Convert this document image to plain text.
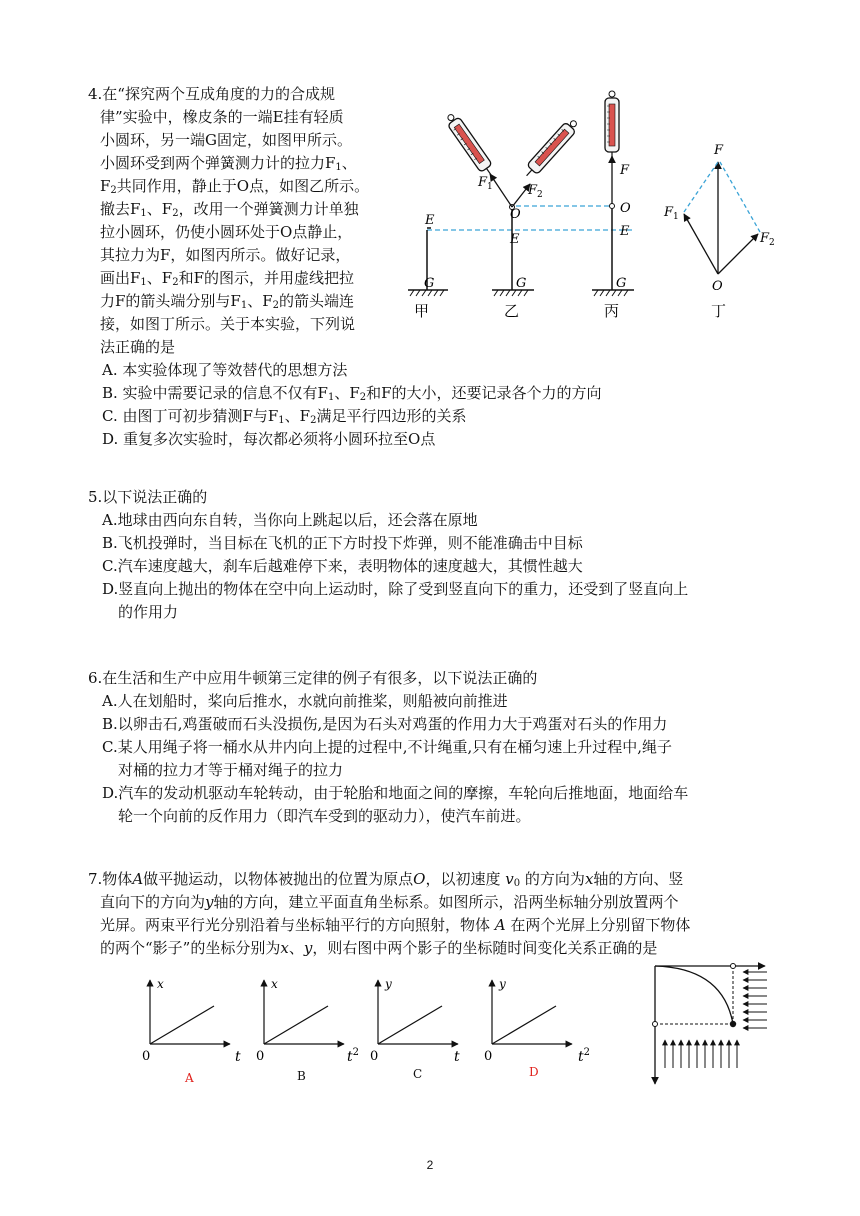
4.在“探究两个互成角度的力的合成规
律”实验中，橡皮条的一端E挂有轻质
小圆环，另一端G固定，如图甲所示。
小圆环受到两个弹簧测力计的拉力$F_1$、
$F_2$共同作用，静止于O点，如图乙所示。
撤去$F_1$、$F_2$，改用一个弹簧测力计单独
拉小圆环，仍使小圆环处于O点静止，
其拉力为F，如图丙所示。做好记录，
画出$F_1$、$F_2$和F的图示，并用虚线把拉
力F的箭头端分别与$F_1$、$F_2$的箭头端连
接，如图丁所示。关于本实验，下列说
法正确的是
A. 本实验体现了等效替代的思想方法
B. 实验中需要记录的信息不仅有$F_1$、$F_2$和F的大小，还要记录各个力的方向
C. 由图丁可初步猜测F与$F_1$、$F_2$满足平行四边形的关系
D. 重复多次实验时，每次都必须将小圆环拉至O点
E
G
甲
$F_1$	$F_2$
O
E
G
乙
F
O
E
G
丙
F
$F_1$
$F_2$
O
丁
5.以下说法正确的
A.地球由西向东自转，当你向上跳起以后，还会落在原地
B.飞机投弹时，当目标在飞机的正下方时投下炸弹，则不能准确击中目标
C.汽车速度越大，刹车后越难停下来，表明物体的速度越大，其惯性越大
D.竖直向上抛出的物体在空中向上运动时，除了受到竖直向下的重力，还受到了竖直向上
的作用力
6.在生活和生产中应用牛顿第三定律的例子有很多，以下说法正确的
A.人在划船时，桨向后推水，水就向前推桨，则船被向前推进
B.以卵击石,鸡蛋破而石头没损伤,是因为石头对鸡蛋的作用力大于鸡蛋对石头的作用力
C.某人用绳子将一桶水从井内向上提的过程中,不计绳重,只有在桶匀速上升过程中,绳子
对桶的拉力才等于桶对绳子的拉力
D.汽车的发动机驱动车轮转动，由于轮胎和地面之间的摩擦，车轮向后推地面，地面给车
轮一个向前的反作用力（即汽车受到的驱动力），使汽车前进。
7.物体A做平抛运动，以物体被抛出的位置为原点O，以初速度 $v_0$ 的方向为x轴的方向、竖
直向下的方向为y轴的方向，建立平面直角坐标系。如图所示，沿两坐标轴分别放置两个
光屏。两束平行光分别沿着与坐标轴平行的方向照射，物体 A 在两个光屏上分别留下物体
的两个“影子”的坐标分别为x、y，则右图中两个影子的坐标随时间变化关系正确的是
x
t
0
A
x
$t^2$
0
B
y
t
0
C
y
$t^2$
0
D
2
